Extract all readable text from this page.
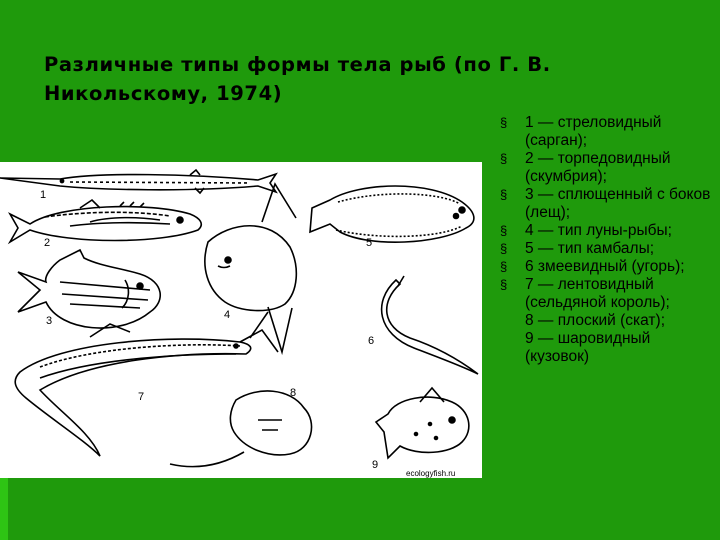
Различные типы формы тела рыб (по Г. В.
Никольскому, 1974)
1
2
3	4
5
6
7	8
9
ecologyfish.ru
§ 1 — стреловидный (сарган);
§ 2 — торпедовидный (скумбрия);
§ 3 — сплющенный с боков (лещ);
§ 4 — тип луны-рыбы;
§ 5 — тип камбалы;
§ 6 змеевидный (угорь);
§ 7 — лентовидный (сельдяной король);
8 — плоский (скат);
9 — шаровидный (кузовок)
